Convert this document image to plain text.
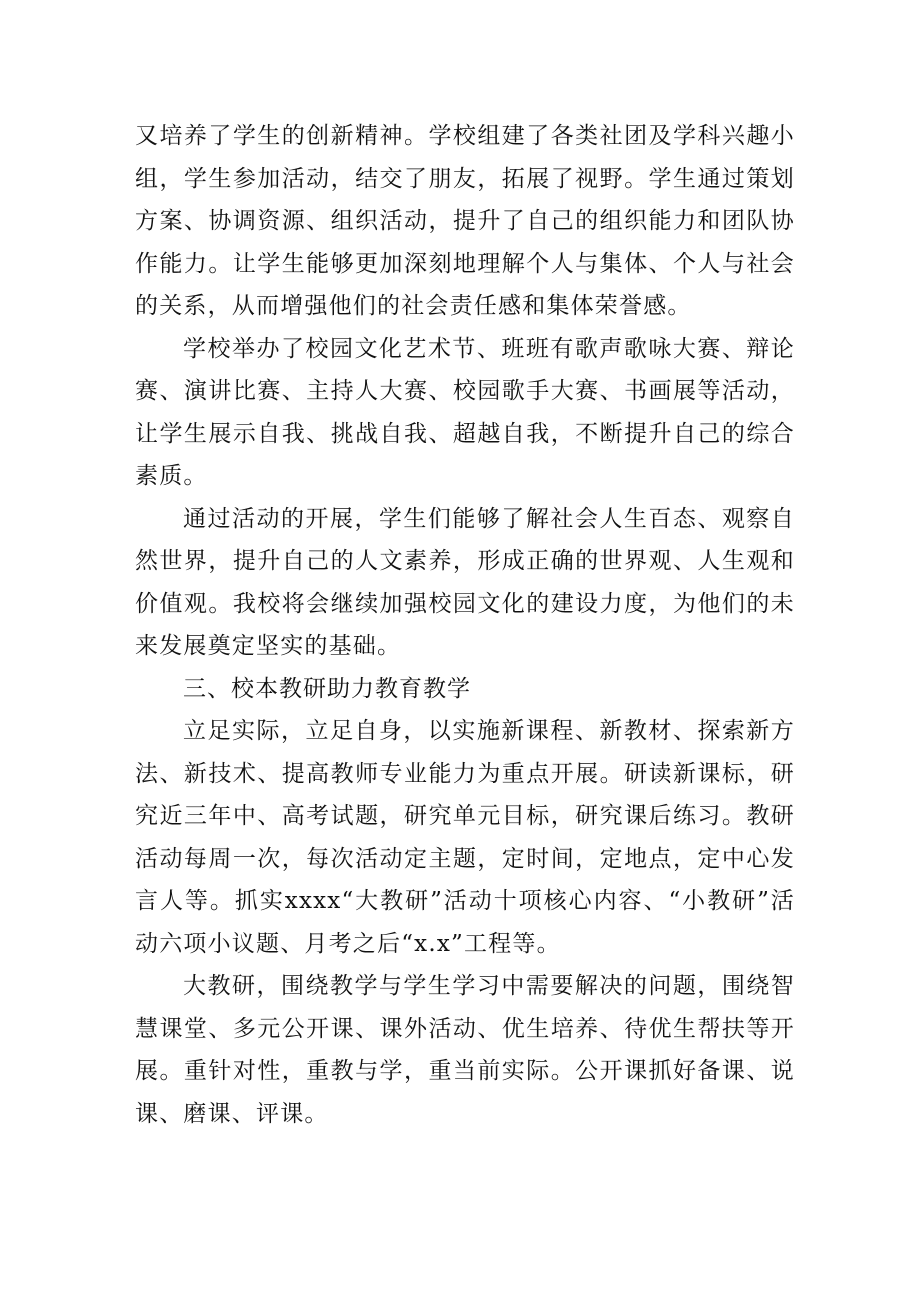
又培养了学生的创新精神。学校组建了各类社团及学科兴趣小组，学生参加活动，结交了朋友，拓展了视野。学生通过策划方案、协调资源、组织活动，提升了自己的组织能力和团队协作能力。让学生能够更加深刻地理解个人与集体、个人与社会的关系，从而增强他们的社会责任感和集体荣誉感。

学校举办了校园文化艺术节、班班有歌声歌咏大赛、辩论赛、演讲比赛、主持人大赛、校园歌手大赛、书画展等活动，让学生展示自我、挑战自我、超越自我，不断提升自己的综合素质。

通过活动的开展，学生们能够了解社会人生百态、观察自然世界，提升自己的人文素养，形成正确的世界观、人生观和价值观。我校将会继续加强校园文化的建设力度，为他们的未来发展奠定坚实的基础。

三、校本教研助力教育教学

立足实际，立足自身，以实施新课程、新教材、探索新方法、新技术、提高教师专业能力为重点开展。研读新课标，研究近三年中、高考试题，研究单元目标，研究课后练习。教研活动每周一次，每次活动定主题，定时间，定地点，定中心发言人等。抓实xxxx“大教研”活动十项核心内容、“小教研”活动六项小议题、月考之后“x.x”工程等。

大教研，围绕教学与学生学习中需要解决的问题，围绕智慧课堂、多元公开课、课外活动、优生培养、待优生帮扶等开展。重针对性，重教与学，重当前实际。公开课抓好备课、说课、磨课、评课。
